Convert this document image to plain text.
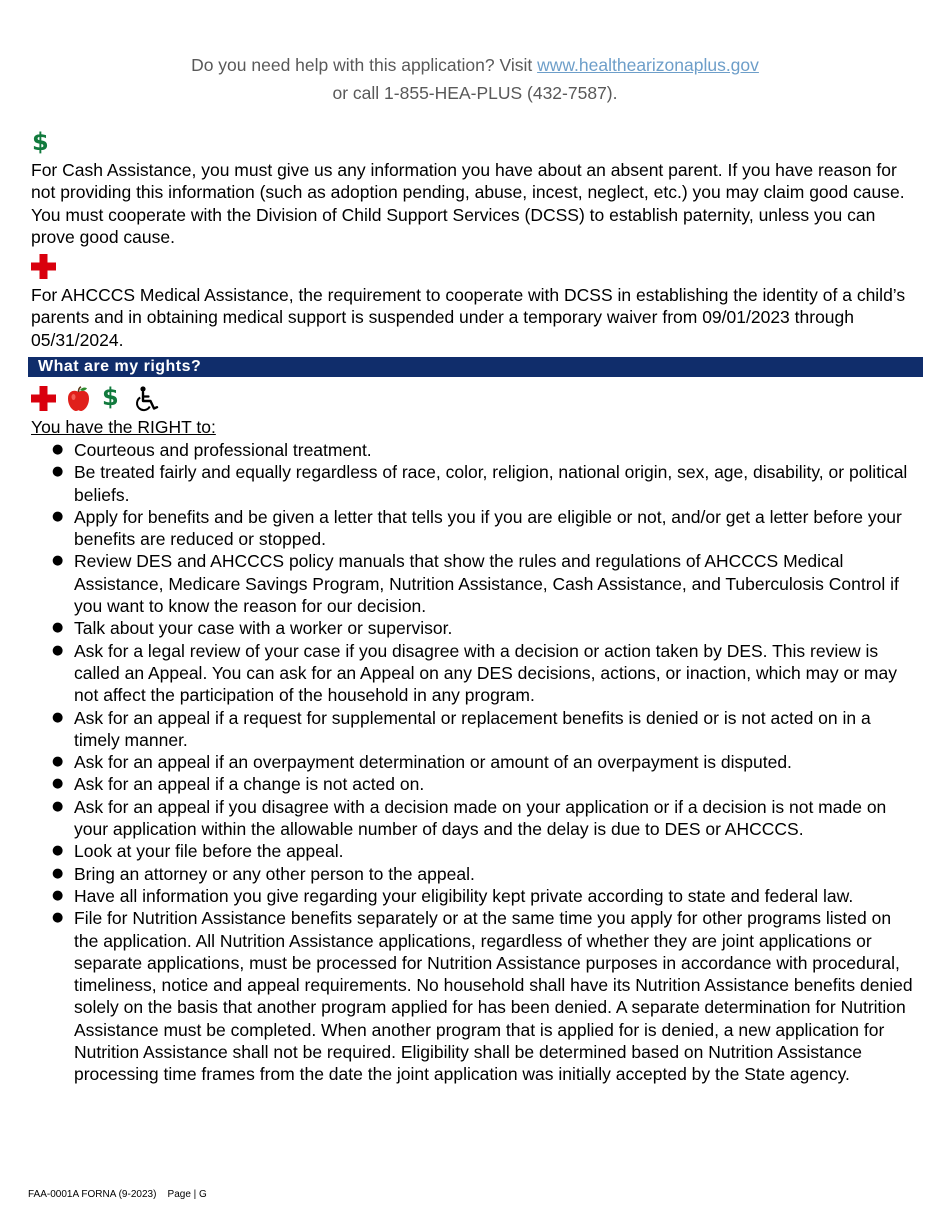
Do you need help with this application? Visit www.healthearizonaplus.gov
or call 1-855-HEA-PLUS (432-7587).
$

For Cash Assistance, you must give us any information you have about an absent parent. If you have reason for not providing this information (such as adoption pending, abuse, incest, neglect, etc.) you may claim good cause. You must cooperate with the Division of Child Support Services (DCSS) to establish paternity, unless you can prove good cause.

For AHCCCS Medical Assistance, the requirement to cooperate with DCSS in establishing the identity of a child’s parents and in obtaining medical support is suspended under a temporary waiver from 09/01/2023 through 05/31/2024.

What are my rights?
$
You have the RIGHT to:
● Courteous and professional treatment.
● Be treated fairly and equally regardless of race, color, religion, national origin, sex, age, disability, or political beliefs.
● Apply for benefits and be given a letter that tells you if you are eligible or not, and/or get a letter before your benefits are reduced or stopped.
● Review DES and AHCCCS policy manuals that show the rules and regulations of AHCCCS Medical Assistance, Medicare Savings Program, Nutrition Assistance, Cash Assistance, and Tuberculosis Control if you want to know the reason for our decision.
● Talk about your case with a worker or supervisor.
● Ask for a legal review of your case if you disagree with a decision or action taken by DES. This review is called an Appeal. You can ask for an Appeal on any DES decisions, actions, or inaction, which may or may not affect the participation of the household in any program.
● Ask for an appeal if a request for supplemental or replacement benefits is denied or is not acted on in a timely manner.
● Ask for an appeal if an overpayment determination or amount of an overpayment is disputed.
● Ask for an appeal if a change is not acted on.
● Ask for an appeal if you disagree with a decision made on your application or if a decision is not made on your application within the allowable number of days and the delay is due to DES or AHCCCS.
● Look at your file before the appeal.
● Bring an attorney or any other person to the appeal.
● Have all information you give regarding your eligibility kept private according to state and federal law.
● File for Nutrition Assistance benefits separately or at the same time you apply for other programs listed on the application. All Nutrition Assistance applications, regardless of whether they are joint applications or separate applications, must be processed for Nutrition Assistance purposes in accordance with procedural, timeliness, notice and appeal requirements. No household shall have its Nutrition Assistance benefits denied solely on the basis that another program applied for has been denied. A separate determination for Nutrition Assistance must be completed. When another program that is applied for is denied, a new application for Nutrition Assistance shall not be required. Eligibility shall be determined based on Nutrition Assistance processing time frames from the date the joint application was initially accepted by the State agency.
FAA-0001A FORNA (9-2023) Page | G
